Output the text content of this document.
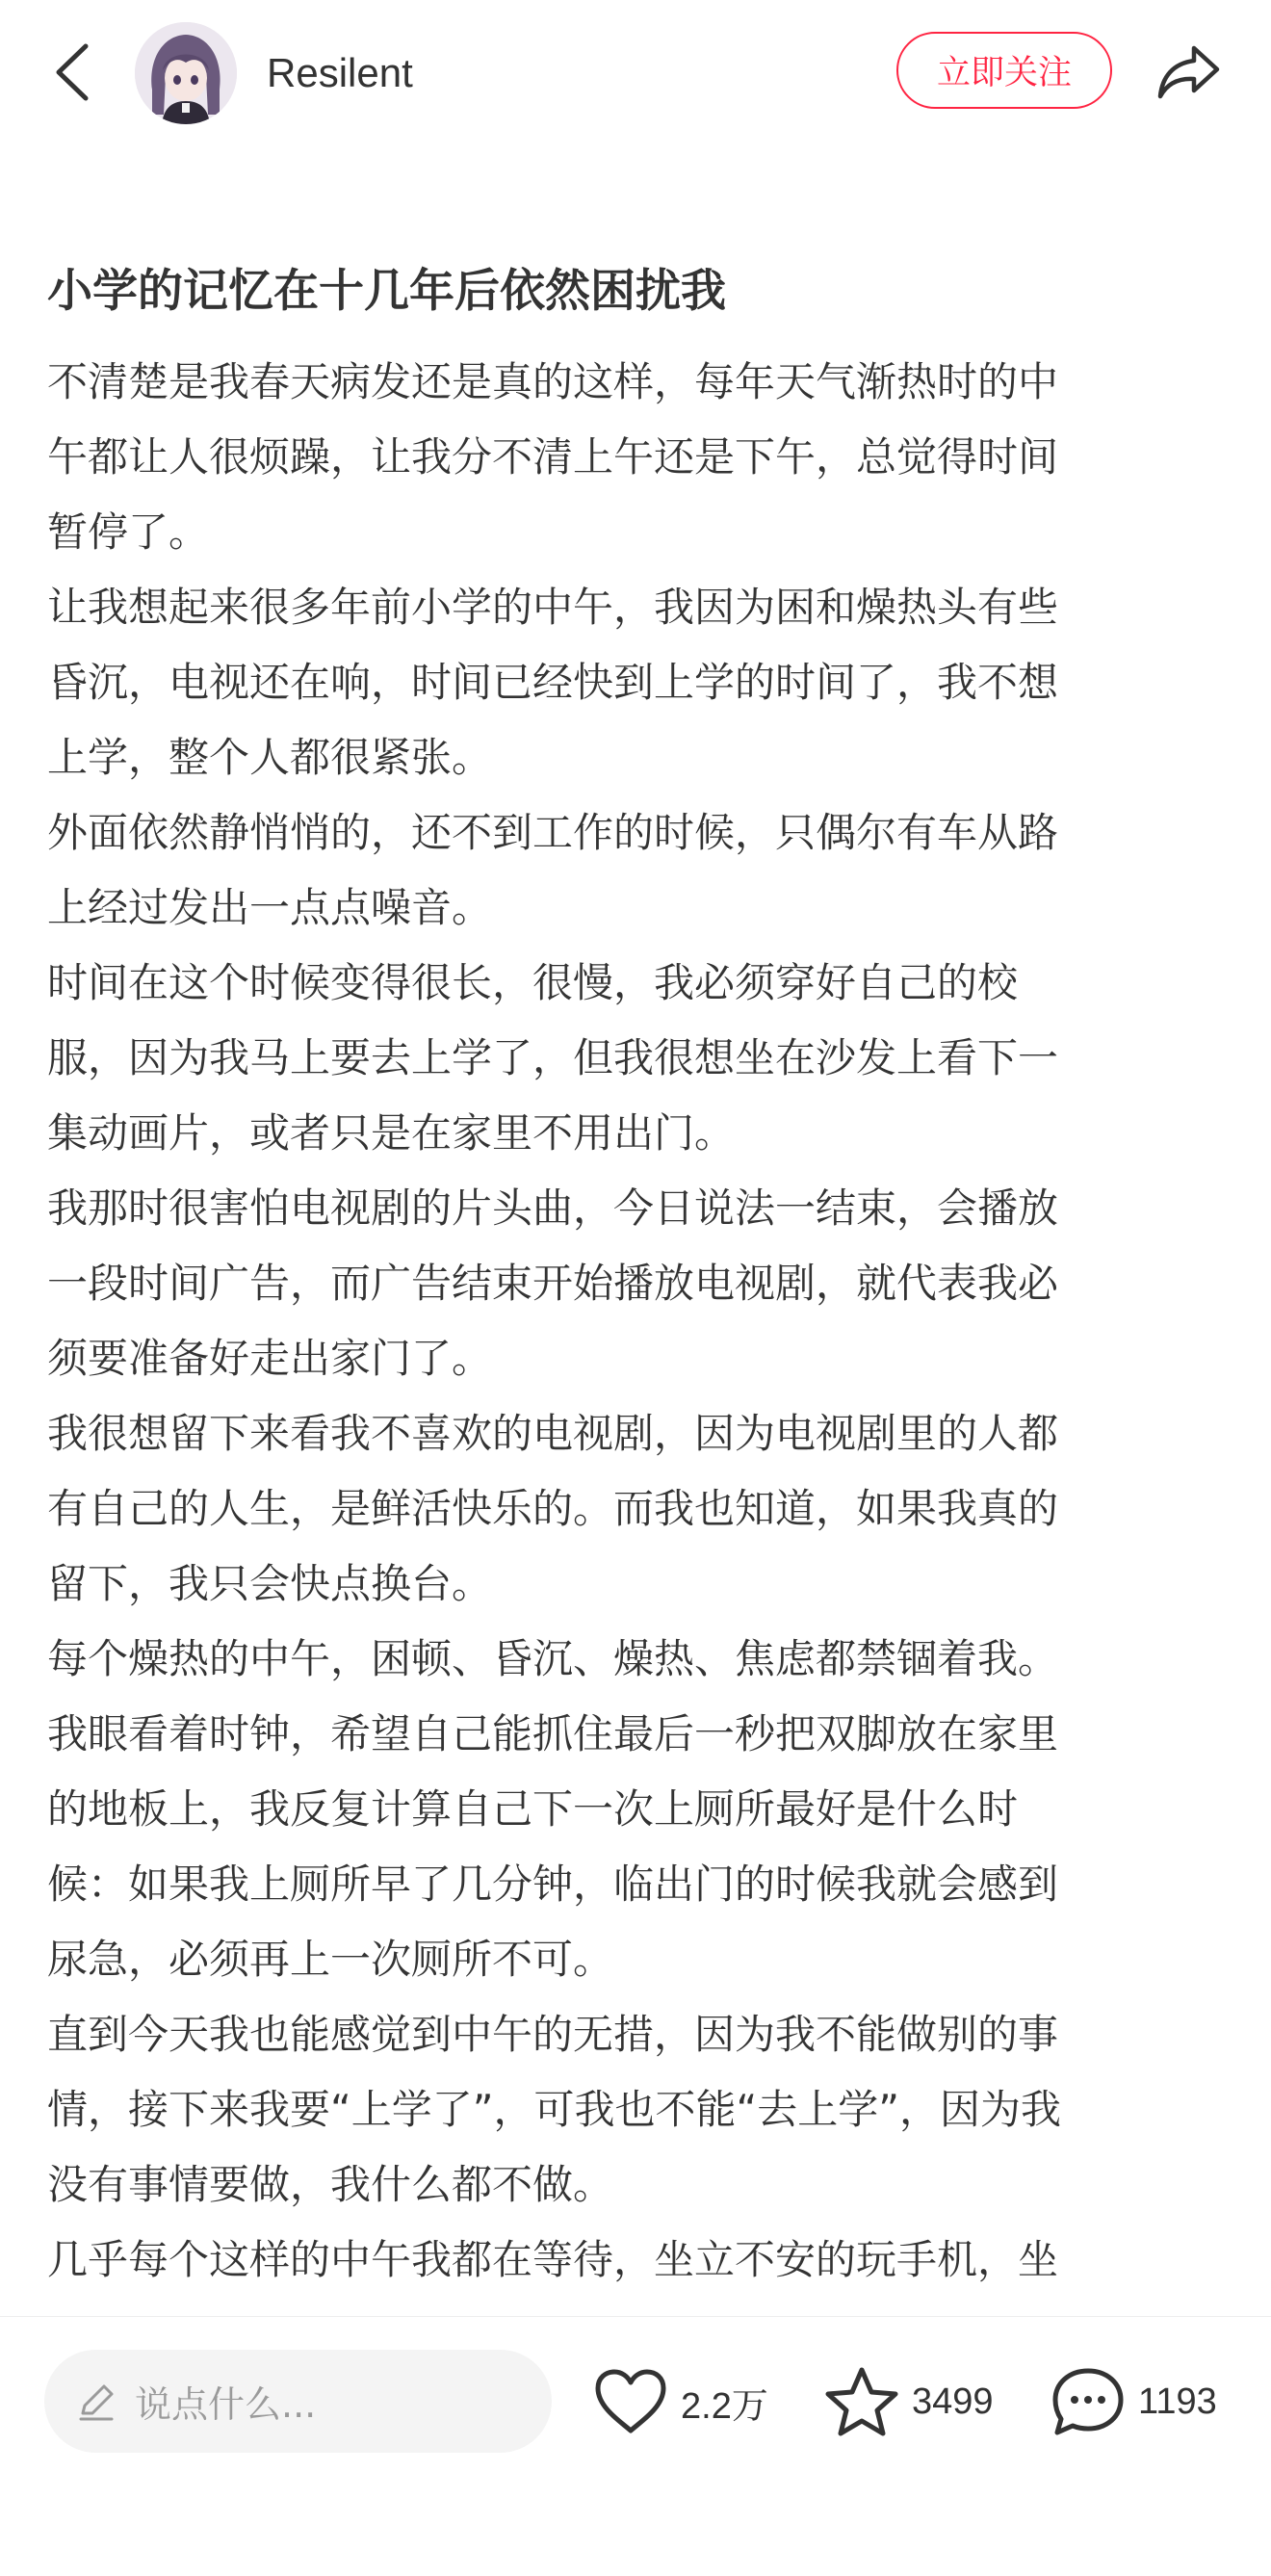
Resilent	立即关注
小学的记忆在十几年后依然困扰我

不清楚是我春天病发还是真的这样，每年天气渐热时的中

午都让人很烦躁，让我分不清上午还是下午，总觉得时间

暂停了。

让我想起来很多年前小学的中午，我因为困和燥热头有些

昏沉，电视还在响，时间已经快到上学的时间了，我不想

上学，整个人都很紧张。

外面依然静悄悄的，还不到工作的时候，只偶尔有车从路

上经过发出一点点噪音。

时间在这个时候变得很长，很慢，我必须穿好自己的校

服，因为我马上要去上学了，但我很想坐在沙发上看下一

集动画片，或者只是在家里不用出门。

我那时很害怕电视剧的片头曲，今日说法一结束，会播放

一段时间广告，而广告结束开始播放电视剧，就代表我必

须要准备好走出家门了。

我很想留下来看我不喜欢的电视剧，因为电视剧里的人都

有自己的人生，是鲜活快乐的。而我也知道，如果我真的

留下，我只会快点换台。

每个燥热的中午，困顿、昏沉、燥热、焦虑都禁锢着我。

我眼看着时钟，希望自己能抓住最后一秒把双脚放在家里

的地板上，我反复计算自己下一次上厕所最好是什么时

候：如果我上厕所早了几分钟，临出门的时候我就会感到

尿急，必须再上一次厕所不可。

直到今天我也能感觉到中午的无措，因为我不能做别的事

情，接下来我要“上学了”，可我也不能“去上学”，因为我

没有事情要做，我什么都不做。

几乎每个这样的中午我都在等待，坐立不安的玩手机，坐

说点什么...	2.2万	3499	1193
